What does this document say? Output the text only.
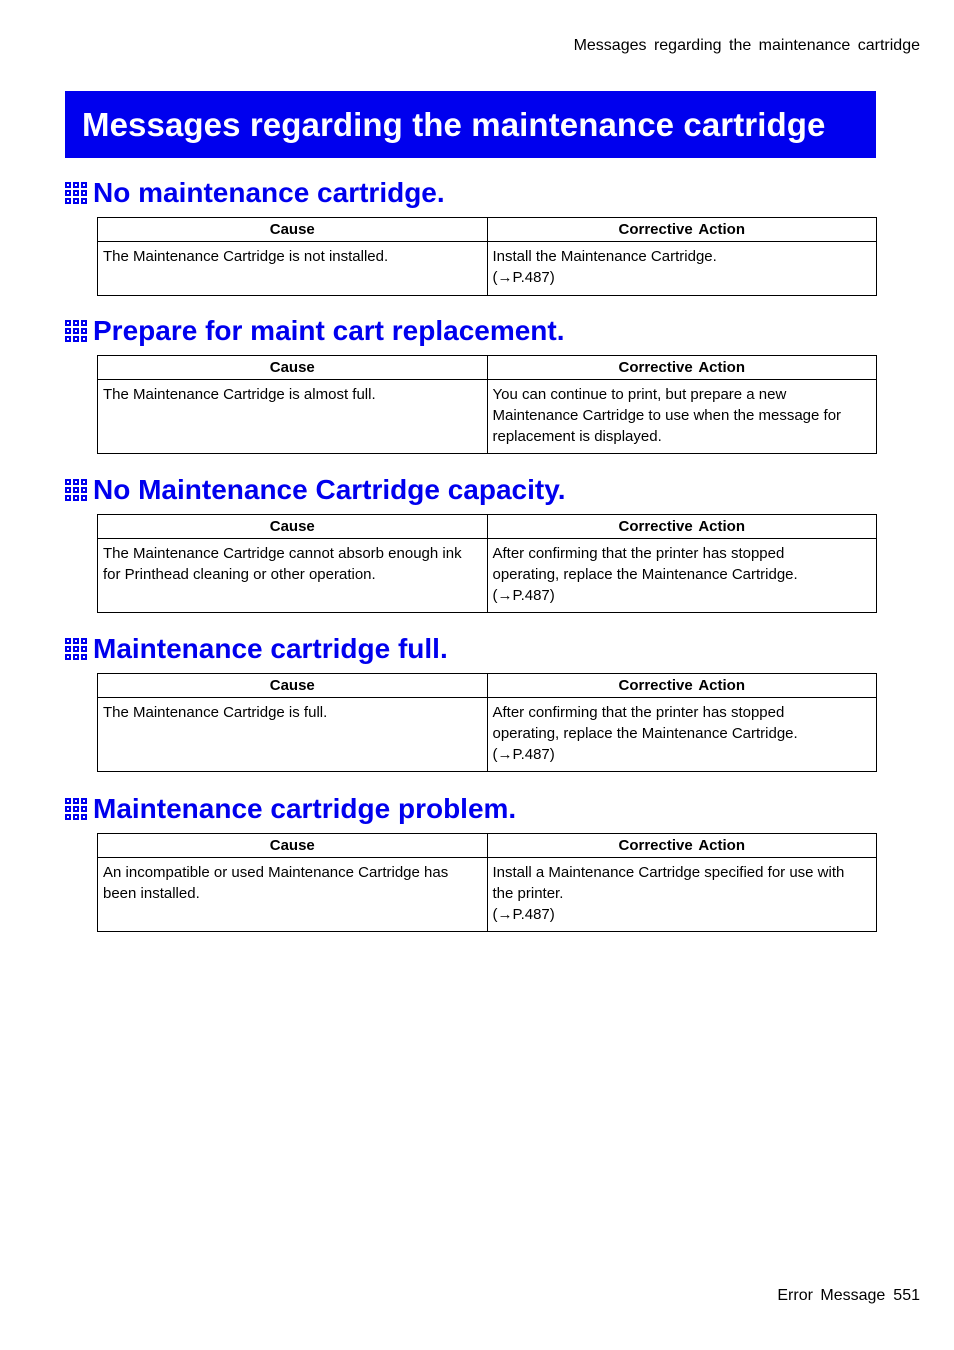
Messages regarding the maintenance cartridge
Messages regarding the maintenance cartridge
No maintenance cartridge.
Cause	Corrective Action
The Maintenance Cartridge is not installed.	Install the Maintenance Cartridge.
(→P.487)
Prepare for maint cart replacement.
Cause	Corrective Action
The Maintenance Cartridge is almost full.	You can continue to print, but prepare a new
Maintenance Cartridge to use when the message for
replacement is displayed.
No Maintenance Cartridge capacity.
Cause	Corrective Action
The Maintenance Cartridge cannot absorb enough ink for Printhead cleaning or other operation.	After confirming that the printer has stopped
operating, replace the Maintenance Cartridge.
(→P.487)
Maintenance cartridge full.
Cause	Corrective Action
The Maintenance Cartridge is full.	After confirming that the printer has stopped
operating, replace the Maintenance Cartridge.
(→P.487)
Maintenance cartridge problem.
Cause	Corrective Action
An incompatible or used Maintenance Cartridge has been installed.	Install a Maintenance Cartridge specified for use with
the printer.
(→P.487)
Error Message 551
